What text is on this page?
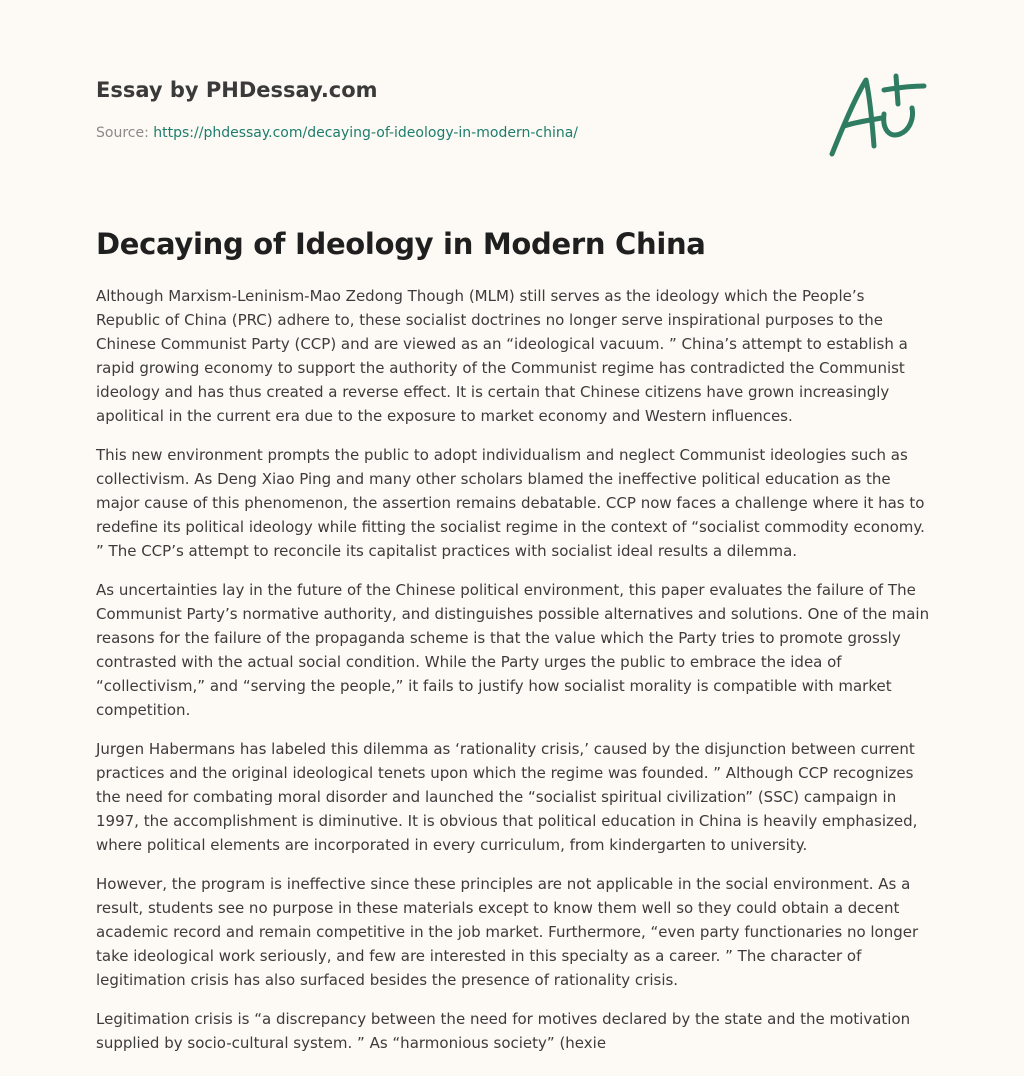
Essay by PHDessay.com
Source: https://phdessay.com/decaying-of-ideology-in-modern-china/
Decaying of Ideology in Modern China

Although Marxism-Leninism-Mao Zedong Though (MLM) still serves as the ideology which the People’s Republic of China (PRC) adhere to, these socialist doctrines no longer serve inspirational purposes to the Chinese Communist Party (CCP) and are viewed as an “ideological vacuum. ” China’s attempt to establish a rapid growing economy to support the authority of the Communist regime has contradicted the Communist ideology and has thus created a reverse effect. It is certain that Chinese citizens have grown increasingly apolitical in the current era due to the exposure to market economy and Western influences.

This new environment prompts the public to adopt individualism and neglect Communist ideologies such as collectivism. As Deng Xiao Ping and many other scholars blamed the ineffective political education as the major cause of this phenomenon, the assertion remains debatable. CCP now faces a challenge where it has to redefine its political ideology while fitting the socialist regime in the context of “socialist commodity economy. ” The CCP’s attempt to reconcile its capitalist practices with socialist ideal results a dilemma.

As uncertainties lay in the future of the Chinese political environment, this paper evaluates the failure of The Communist Party’s normative authority, and distinguishes possible alternatives and solutions. One of the main reasons for the failure of the propaganda scheme is that the value which the Party tries to promote grossly contrasted with the actual social condition. While the Party urges the public to embrace the idea of “collectivism,” and “serving the people,” it fails to justify how socialist morality is compatible with market competition.

Jurgen Habermans has labeled this dilemma as ‘rationality crisis,’ caused by the disjunction between current practices and the original ideological tenets upon which the regime was founded. ” Although CCP recognizes the need for combating moral disorder and launched the “socialist spiritual civilization” (SSC) campaign in 1997, the accomplishment is diminutive. It is obvious that political education in China is heavily emphasized, where political elements are incorporated in every curriculum, from kindergarten to university.

However, the program is ineffective since these principles are not applicable in the social environment. As a result, students see no purpose in these materials except to know them well so they could obtain a decent academic record and remain competitive in the job market. Furthermore, “even party functionaries no longer take ideological work seriously, and few are interested in this specialty as a career. ” The character of legitimation crisis has also surfaced besides the presence of rationality crisis.

Legitimation crisis is “a discrepancy between the need for motives declared by the state and the motivation supplied by socio-cultural system. ” As “harmonious society” (hexie
